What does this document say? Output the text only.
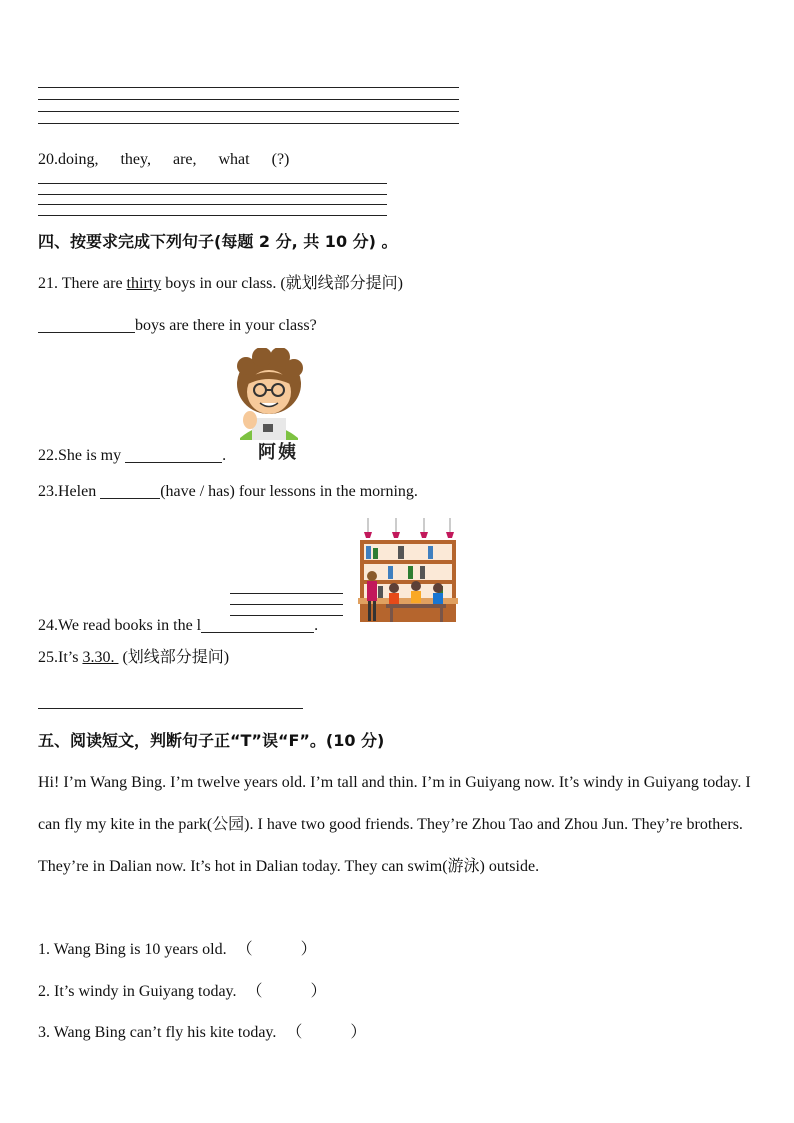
20.doing, they, are, what (?)
四、按要求完成下列句子(每题 2 分, 共 10 分) 。
21. There are thirty boys in our class. (就划线部分提问)
boys are there in your class?
阿姨
22.She is my	.
23.Helen	(have / has) four lessons in the morning.
24.We read books in the l	.
25.It’s 3.30.  (划线部分提问)
五、阅读短文，判断句子正“T”误“F”。(10 分)
Hi! I’m Wang Bing. I’m twelve years old. I’m tall and thin. I’m in Guiyang now. It’s windy in Guiyang today. I can fly my kite in the park(公园). I have two good friends. They’re Zhou Tao and Zhou Jun. They’re brothers. They’re in Dalian now. It’s hot in Dalian today. They can swim(游泳) outside.
1. Wang Bing is 10 years old. （　　　）
2. It’s windy in Guiyang today. （　　　）
3. Wang Bing can’t fly his kite today. （　　　）
